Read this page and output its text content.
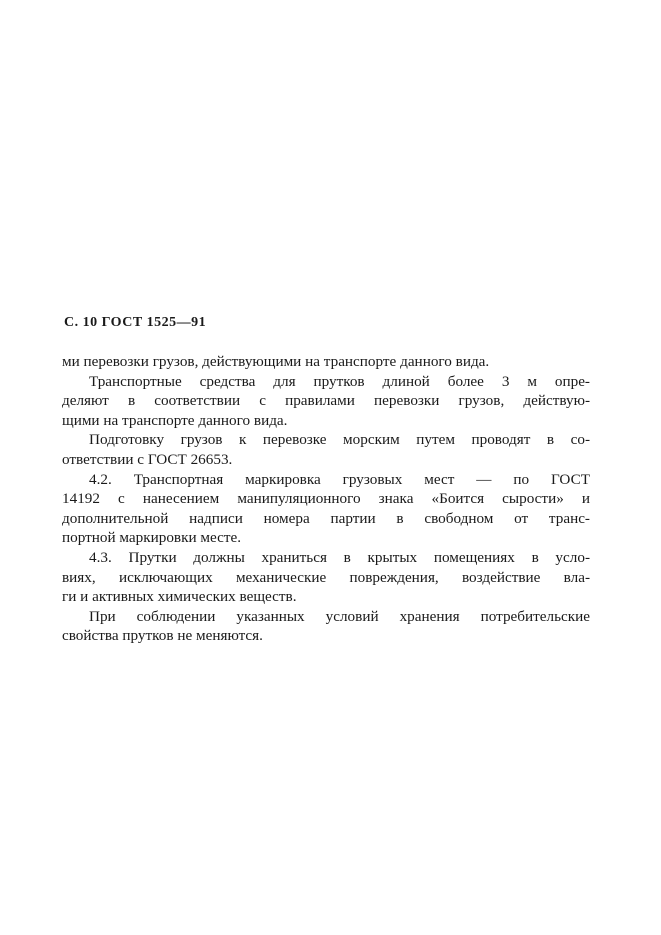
С. 10 ГОСТ 1525—91
ми перевозки грузов, действующими на транспорте данного вида.
Транспортные средства для прутков длиной более 3 м опре-
деляют в соответствии с правилами перевозки грузов, действую-
щими на транспорте данного вида.
Подготовку грузов к перевозке морским путем проводят в со-
ответствии с ГОСТ 26653.
4.2. Транспортная маркировка грузовых мест — по ГОСТ
14192 с нанесением манипуляционного знака «Боится сырости» и
дополнительной надписи номера партии в свободном от транс-
портной маркировки месте.
4.3. Прутки должны храниться в крытых помещениях в усло-
виях, исключающих механические повреждения, воздействие вла-
ги и активных химических веществ.
При соблюдении указанных условий хранения потребительские
свойства прутков не меняются.
